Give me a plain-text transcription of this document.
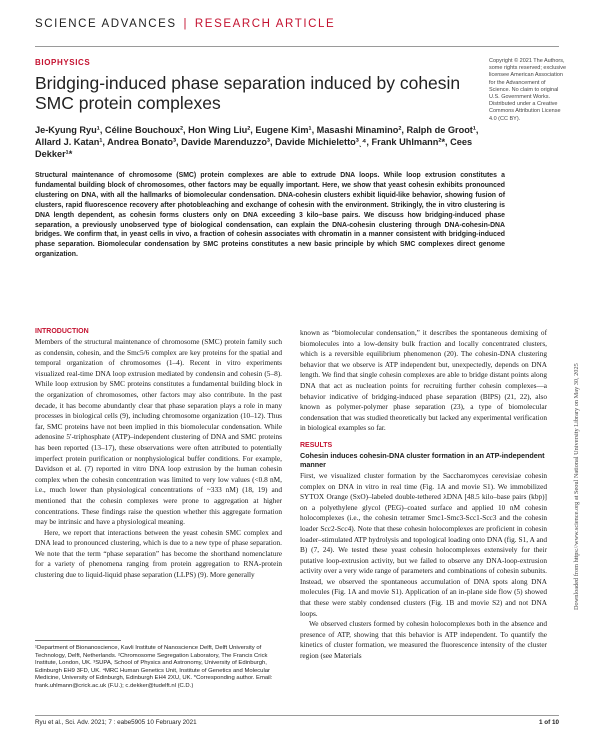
SCIENCE ADVANCES | RESEARCH ARTICLE
BIOPHYSICS
Bridging-induced phase separation induced by cohesin SMC protein complexes

Je-Kyung Ryu¹, Céline Bouchoux², Hon Wing Liu², Eugene Kim¹, Masashi Minamino², Ralph de Groot¹, Allard J. Katan¹, Andrea Bonato³, Davide Marenduzzo³, Davide Michieletto³ˎ⁴, Frank Uhlmann²*, Cees Dekker¹*

Copyright © 2021 The Authors, some rights reserved; exclusive licensee American Association for the Advancement of Science. No claim to original U.S. Government Works. Distributed under a Creative Commons Attribution License 4.0 (CC BY).

Structural maintenance of chromosome (SMC) protein complexes are able to extrude DNA loops. While loop extrusion constitutes a fundamental building block of chromosomes, other factors may be equally important. Here, we show that yeast cohesin exhibits pronounced clustering on DNA, with all the hallmarks of biomolecular condensation. DNA-cohesin clusters exhibit liquid-like behavior, showing fusion of clusters, rapid fluorescence recovery after photobleaching and exchange of cohesin with the environment. Strikingly, the in vitro clustering is DNA length dependent, as cohesin forms clusters only on DNA exceeding 3 kilo–base pairs. We discuss how bridging-induced phase separation, a previously unobserved type of biological condensation, can explain the DNA-cohesin clustering through DNA-cohesin-DNA bridges. We confirm that, in yeast cells in vivo, a fraction of cohesin associates with chromatin in a manner consistent with bridging-induced phase separation. Biomolecular condensation by SMC proteins constitutes a new basic principle by which SMC complexes direct genome organization.

Downloaded from https://www.science.org at Seoul National University Library on May 30, 2025
INTRODUCTION

Members of the structural maintenance of chromosome (SMC) protein family such as condensin, cohesin, and the Smc5/6 complex are key proteins for the spatial and temporal organization of chromosomes (1–4). Recent in vitro experiments visualized real-time DNA loop extrusion mediated by condensin and cohesin (5–8). While loop extrusion by SMC proteins constitutes a fundamental building block in the organization of chromosomes, other factors may also contribute. In the past decade, it has become abundantly clear that phase separation plays a role in many processes in biological cells (9), including chromosome organization (10–12). Thus far, SMC proteins have not been implied in this biomolecular condensation. While adenosine 5′-triphosphate (ATP)–independent clustering of DNA and SMC proteins has been reported (13–17), these observations were often attributed to potentially imperfect protein purification or nonphysiological buffer conditions. For example, Davidson et al. (7) reported in vitro DNA loop extrusion by the human cohesin complex when the cohesin concentration was limited to very low values (<0.8 nM, i.e., much lower than physiological concentrations of ~333 nM) (18, 19) and mentioned that the cohesin complexes were prone to aggregation at higher concentrations. These findings raise the question whether this aggregate formation may be intrinsic and have a physiological meaning.

Here, we report that interactions between the yeast cohesin SMC complex and DNA lead to pronounced clustering, which is due to a new type of phase separation. We note that the term “phase separation” has become the shorthand nomenclature for a variety of phenomena ranging from protein aggregation to RNA-protein clustering due to liquid-liquid phase separation (LLPS) (9). More generally

known as “biomolecular condensation,” it describes the spontaneous demixing of biomolecules into a low-density bulk fraction and locally concentrated clusters, which is a reversible equilibrium phenomenon (20). The cohesin-DNA clustering behavior that we observe is ATP independent but, unexpectedly, depends on DNA length. We find that single cohesin complexes are able to bridge distant points along DNA that act as nucleation points for recruiting further cohesin complexes—a behavior indicative of bridging-induced phase separation (BIPS) (21, 22), also known as polymer-polymer phase separation (23), a type of biomolecular condensation that was studied theoretically but lacked any experimental verification in biological examples so far.

RESULTS
Cohesin induces cohesin-DNA cluster formation in an ATP-independent manner

First, we visualized cluster formation by the Saccharomyces cerevisiae cohesin complex on DNA in vitro in real time (Fig. 1A and movie S1). We immobilized SYTOX Orange (SxO)–labeled double-tethered λDNA [48.5 kilo–base pairs (kbp)] on a polyethylene glycol (PEG)–coated surface and applied 10 nM cohesin holocomplexes (i.e., the cohesin tetramer Smc1-Smc3-Scc1-Scc3 and the cohesin loader Scc2-Scc4). Note that these cohesin holocomplexes are proficient in cohesin loader–stimulated ATP hydrolysis and topological loading onto DNA (fig. S1, A and B) (7, 24). We tested these yeast cohesin holocomplexes extensively for their putative loop-extrusion activity, but we failed to observe any DNA-loop-extrusion activity over a very wide range of parameters and combinations of cohesin subunits. Instead, we observed the spontaneous accumulation of DNA spots along DNA molecules (Fig. 1A and movie S1). Application of an in-plane side flow (5) showed that these were stably condensed clusters (Fig. 1B and movie S2) and not DNA loops.

We observed clusters formed by cohesin holocomplexes both in the absence and presence of ATP, showing that this behavior is ATP independent. To quantify the kinetics of cluster formation, we measured the fluorescence intensity of the cluster region (see Materials

¹Department of Bionanoscience, Kavli Institute of Nanoscience Delft, Delft University of Technology, Delft, Netherlands. ²Chromosome Segregation Laboratory, The Francis Crick Institute, London, UK. ³SUPA, School of Physics and Astronomy, University of Edinburgh, Edinburgh EH9 3FD, UK. ⁴MRC Human Genetics Unit, Institute of Genetics and Molecular Medicine, University of Edinburgh, Edinburgh EH4 2XU, UK. *Corresponding author. Email: frank.uhlmann@crick.ac.uk (F.U.); c.dekker@tudelft.nl (C.D.)

Ryu et al., Sci. Adv. 2021; 7 : eabe5905 10 February 2021	1 of 10
